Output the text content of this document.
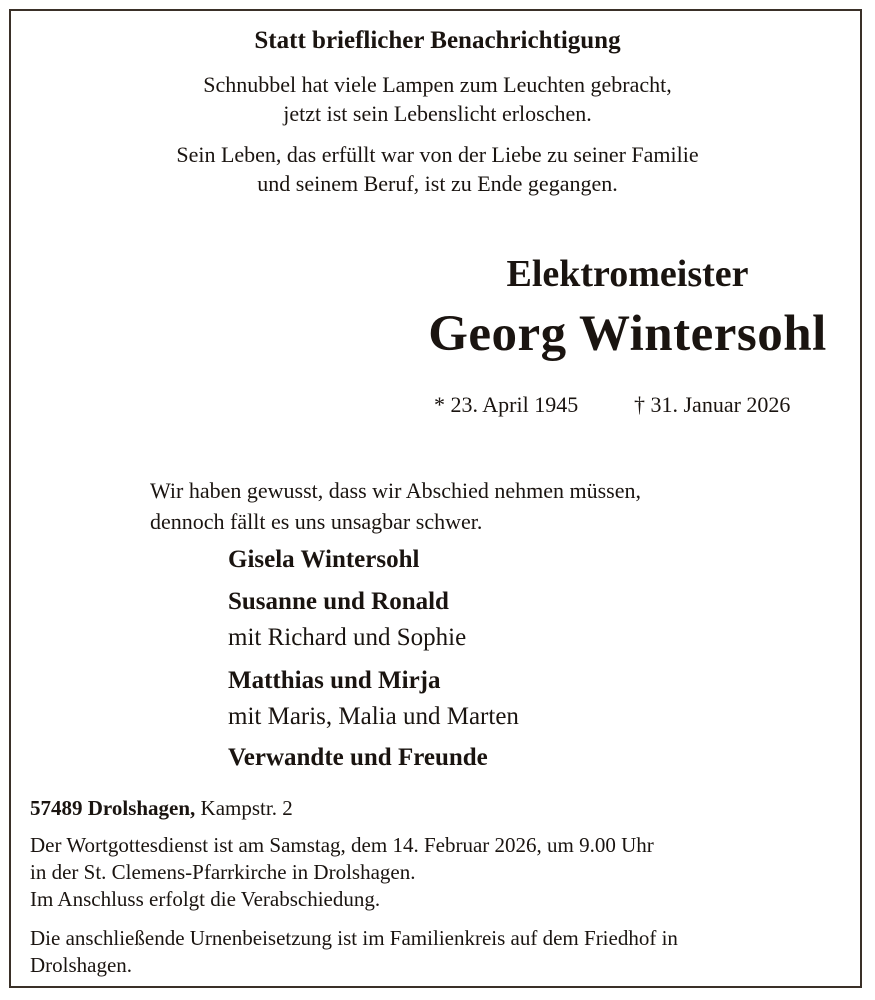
Statt brieflicher Benachrichtigung
Schnubbel hat viele Lampen zum Leuchten gebracht,
jetzt ist sein Lebenslicht erloschen.
Sein Leben, das erfüllt war von der Liebe zu seiner Familie
und seinem Beruf, ist zu Ende gegangen.
Elektromeister
Georg Wintersohl
* 23. April 1945	† 31. Januar 2026
Wir haben gewusst, dass wir Abschied nehmen müssen,
dennoch fällt es uns unsagbar schwer.
Gisela Wintersohl
Susanne und Ronald
mit Richard und Sophie
Matthias und Mirja
mit Maris, Malia und Marten
Verwandte und Freunde
57489 Drolshagen, Kampstr. 2
Der Wortgottesdienst ist am Samstag, dem 14. Februar 2026, um 9.00 Uhr
in der St. Clemens-Pfarrkirche in Drolshagen.
Im Anschluss erfolgt die Verabschiedung.
Die anschließende Urnenbeisetzung ist im Familienkreis auf dem Friedhof in
Drolshagen.
